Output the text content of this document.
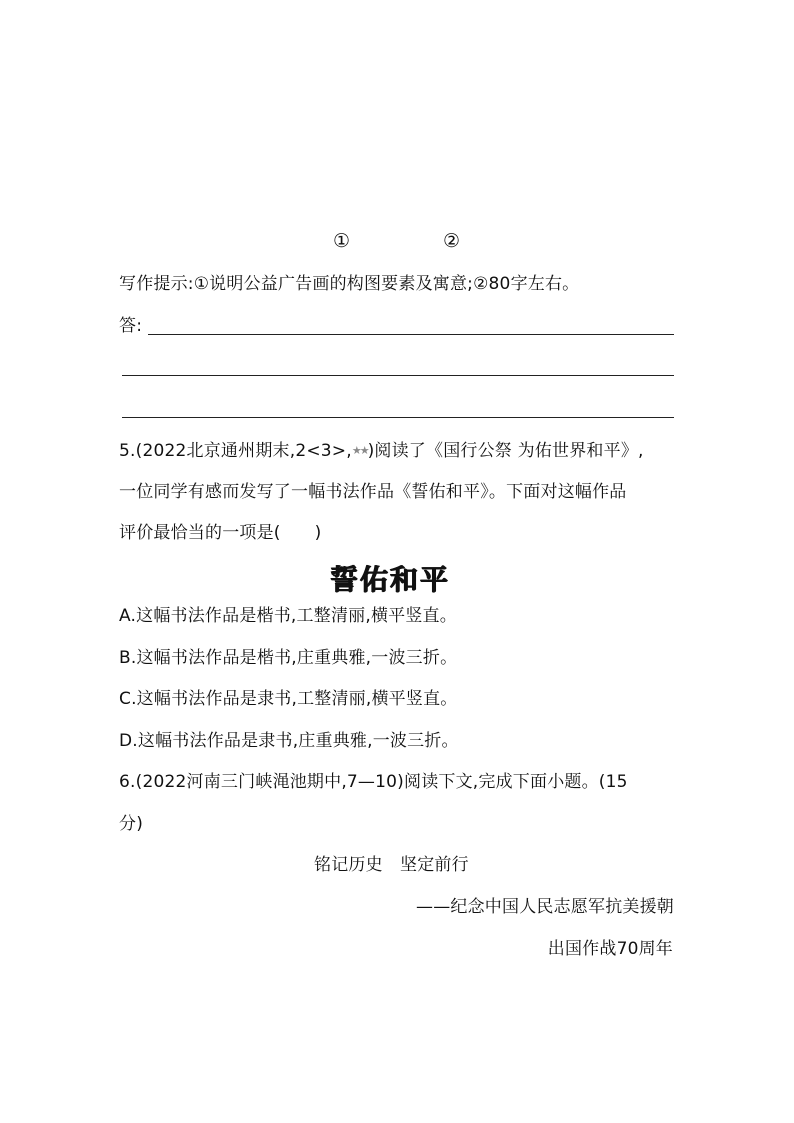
①	②
写作提示:①说明公益广告画的构图要素及寓意;②80字左右。
答:
5.(2022北京通州期末,2<3>,★★)阅读了《国行公祭 为佑世界和平》,
一位同学有感而发写了一幅书法作品《誓佑和平》。下面对这幅作品
评价最恰当的一项是( )
誓佑和平
A.这幅书法作品是楷书,工整清丽,横平竖直。
B.这幅书法作品是楷书,庄重典雅,一波三折。
C.这幅书法作品是隶书,工整清丽,横平竖直。
D.这幅书法作品是隶书,庄重典雅,一波三折。
6.(2022河南三门峡渑池期中,7—10)阅读下文,完成下面小题。(15
分)
铭记历史　坚定前行
——纪念中国人民志愿军抗美援朝
出国作战70周年
